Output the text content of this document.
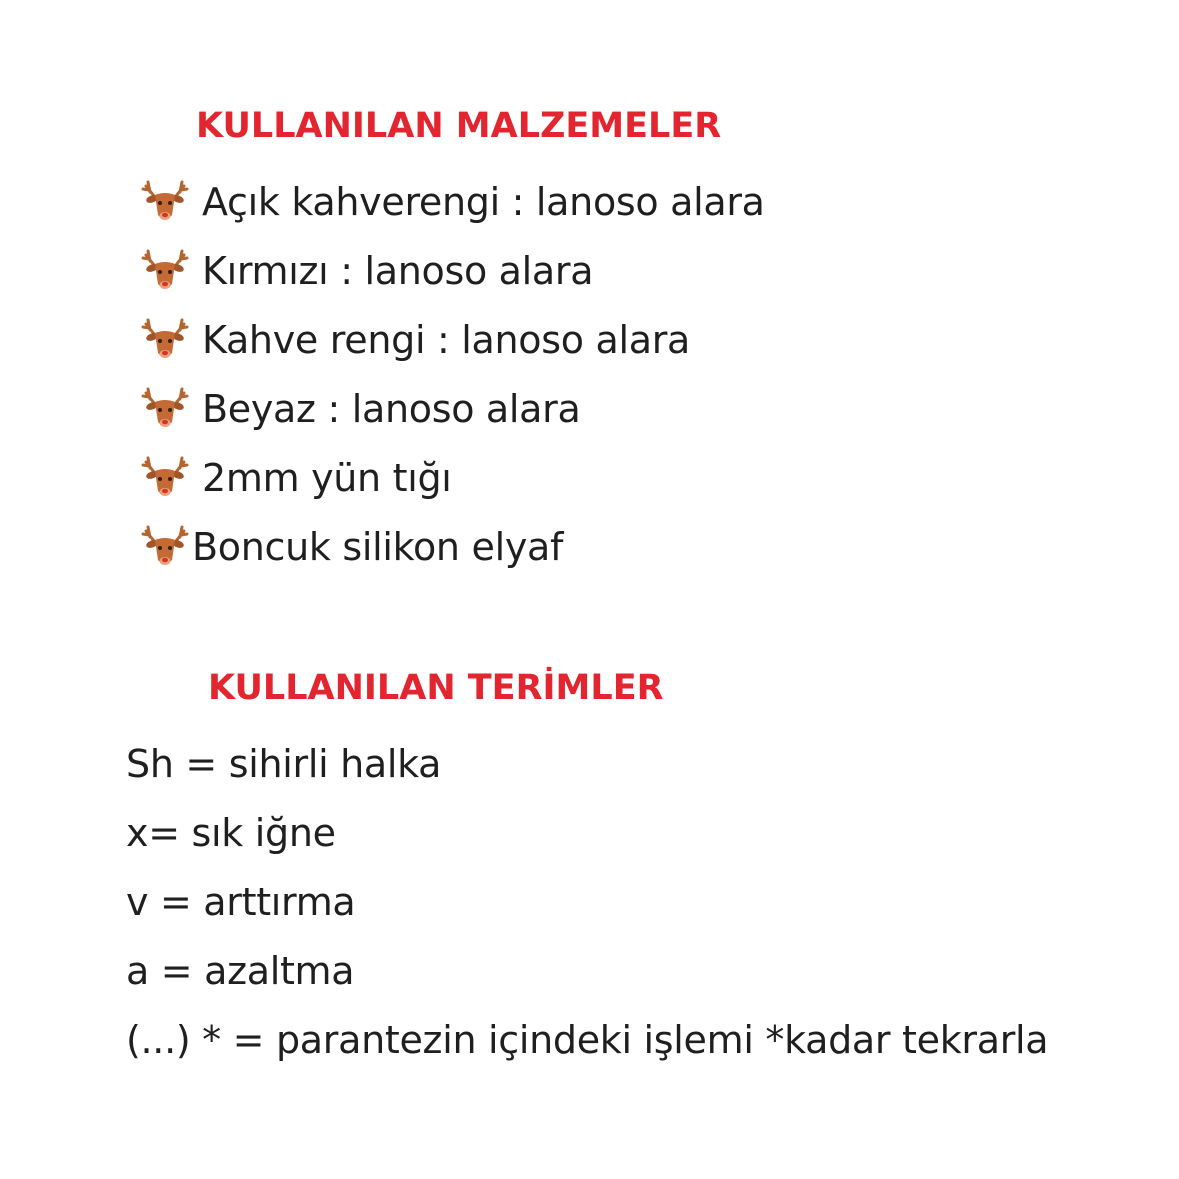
KULLANILAN MALZEMELER
Açık kahverengi : lanoso alara
Kırmızı : lanoso alara
Kahve rengi : lanoso alara
Beyaz : lanoso alara
2mm yün tığı
Boncuk silikon elyaf
KULLANILAN TERİMLER
Sh = sihirli halka
x= sık iğne
v = arttırma
a = azaltma
(...) * = parantezin içindeki işlemi *kadar tekrarla
